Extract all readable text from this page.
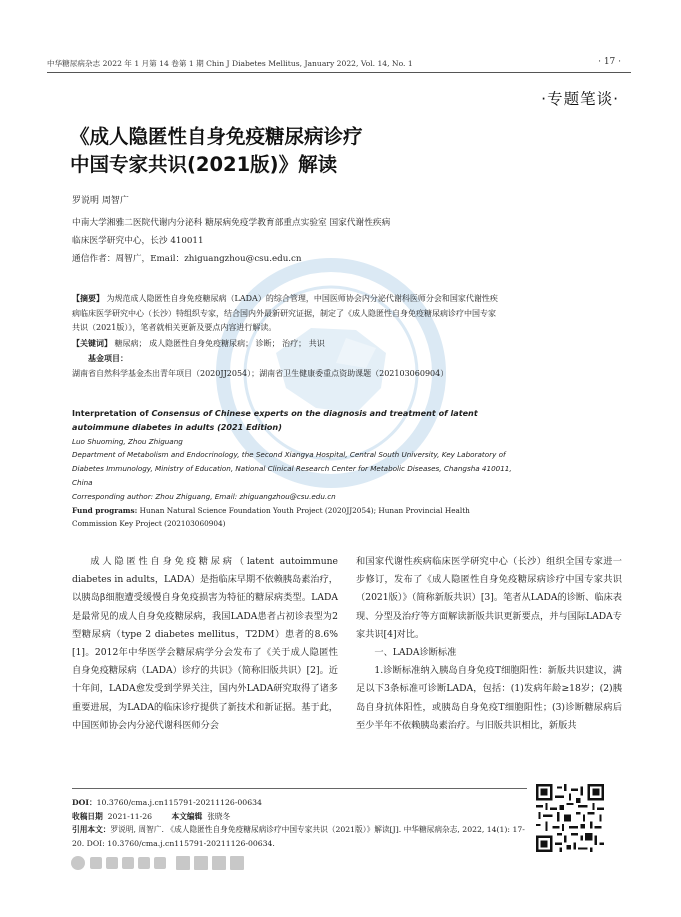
中华糖尿病杂志 2022 年 1 月第 14 卷第 1 期 Chin J Diabetes Mellitus, January 2022, Vol. 14, No. 1	· 17 ·
·专题笔谈·
《成人隐匿性自身免疫糖尿病诊疗
中国专家共识(2021版)》解读
罗说明 周智广
中南大学湘雅二医院代谢内分泌科 糖尿病免疫学教育部重点实验室 国家代谢性疾病
临床医学研究中心，长沙 410011
通信作者：周智广，Email：zhiguangzhou@csu.edu.cn

【摘要】 为规范成人隐匿性自身免疫糖尿病（LADA）的综合管理，中国医师协会内分泌代谢科医师分会和国家代谢性疾病临床医学研究中心（长沙）特组织专家，结合国内外最新研究证据，制定了《成人隐匿性自身免疫糖尿病诊疗中国专家共识（2021版）》，笔者就相关更新及要点内容进行解读。

【关键词】 糖尿病； 成人隐匿性自身免疫糖尿病； 诊断； 治疗； 共识

基金项目：湖南省自然科学基金杰出青年项目（2020JJ2054）；湖南省卫生健康委重点资助课题（202103060904）

Interpretation of Consensus of Chinese experts on the diagnosis and treatment of latent autoimmune diabetes in adults (2021 Edition)

Luo Shuoming, Zhou Zhiguang

Department of Metabolism and Endocrinology, the Second Xiangya Hospital, Central South University, Key Laboratory of Diabetes Immunology, Ministry of Education, National Clinical Research Center for Metabolic Diseases, Changsha 410011, China

Corresponding author: Zhou Zhiguang, Email: zhiguangzhou@csu.edu.cn

Fund programs: Hunan Natural Science Foundation Youth Project (2020JJ2054); Hunan Provincial Health Commission Key Project (202103060904)

成人隐匿性自身免疫糖尿病（latent autoimmune diabetes in adults，LADA）是指临床早期不依赖胰岛素治疗，以胰岛β细胞遭受缓慢自身免疫损害为特征的糖尿病类型。LADA是最常见的成人自身免疫糖尿病，我国LADA患者占初诊表型为2型糖尿病（type 2 diabetes mellitus，T2DM）患者的8.6%[1]。2012年中华医学会糖尿病学分会发布了《关于成人隐匿性自身免疫糖尿病（LADA）诊疗的共识》（简称旧版共识）[2]。近十年间，LADA愈发受到学界关注，国内外LADA研究取得了诸多重要进展，为LADA的临床诊疗提供了新技术和新证据。基于此，中国医师协会内分泌代谢科医师分会

和国家代谢性疾病临床医学研究中心（长沙）组织全国专家进一步修订，发布了《成人隐匿性自身免疫糖尿病诊疗中国专家共识（2021版）》（简称新版共识）[3]。笔者从LADA的诊断、临床表现、分型及治疗等方面解读新版共识更新要点，并与国际LADA专家共识[4]对比。

一、LADA诊断标准

1.诊断标准纳入胰岛自身免疫T细胞阳性：新版共识建议，满足以下3条标准可诊断LADA，包括：(1)发病年龄≥18岁；(2)胰岛自身抗体阳性，或胰岛自身免疫T细胞阳性；(3)诊断糖尿病后至少半年不依赖胰岛素治疗。与旧版共识相比，新版共

DOI：10.3760/cma.j.cn115791-20211126-00634

收稿日期 2021-11-26	本文编辑 张晓冬

引用本文：罗说明, 周智广. 《成人隐匿性自身免疫糖尿病诊疗中国专家共识（2021版）》解读[J]. 中华糖尿病杂志, 2022, 14(1): 17-20. DOI: 10.3760/cma.j.cn115791-20211126-00634.
